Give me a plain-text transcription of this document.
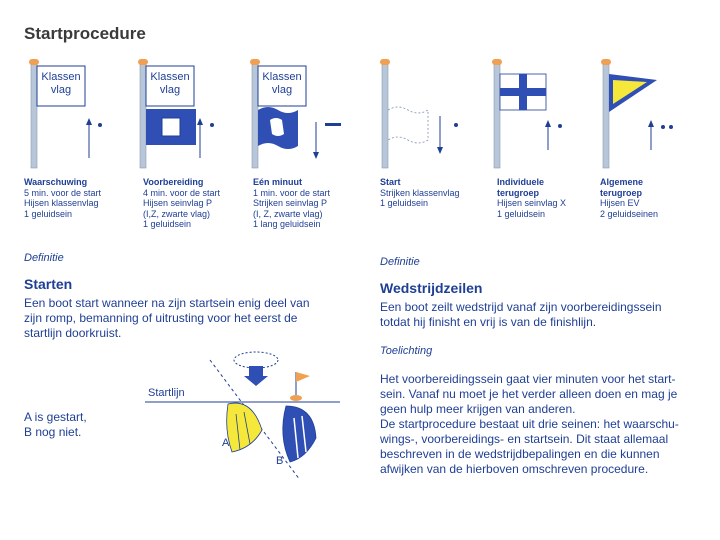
Startprocedure
Klassen
vlag
Klassen
vlag
Klassen
vlag
Waarschuwing
5 min. voor de start
Hijsen klassenvlag
1 geluidsein
Voorbereiding
4 min. voor de start
Hijsen seinvlag P
(I,Z, zwarte vlag)
1 geluidsein
Eén minuut
1 min. voor de start
Strijken seinvlag P
(I, Z, zwarte vlag)
1 lang geluidsein
Start
Strijken klassenvlag
1 geluidsein
Individuele
terugroep
Hijsen seinvlag X
1 geluidsein
Algemene
terugroep
Hijsen EV
2 geluidseinen
Definitie
Starten
Een boot start wanneer na zijn startsein enig deel van
zijn romp, bemanning of uitrusting voor het eerst de
startlijn doorkruist.
Startlijn
A
B
A is gestart,
B nog niet.
Definitie
Wedstrijdzeilen
Een boot zeilt wedstrijd vanaf zijn voorbereidingssein
totdat hij finisht en vrij is van de finishlijn.
Toelichting
Het voorbereidingssein gaat vier minuten voor het start-
sein. Vanaf nu moet je het verder alleen doen en mag je
geen hulp meer krijgen van anderen.
De startprocedure bestaat uit drie seinen: het waarschu-
wings-, voorbereidings- en startsein. Dit staat allemaal
beschreven in de wedstrijdbepalingen en die kunnen
afwijken van de hierboven omschreven procedure.
